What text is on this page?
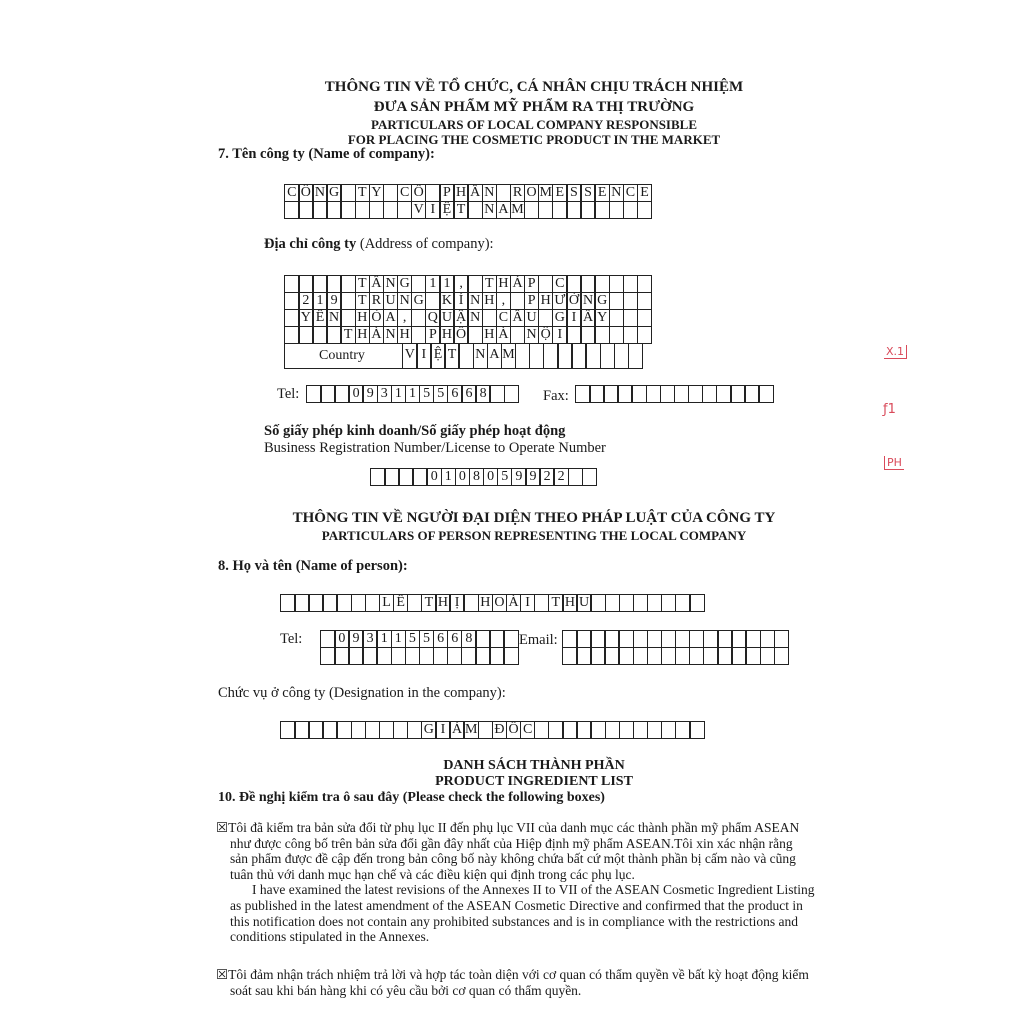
THÔNG TIN VỀ TỔ CHỨC, CÁ NHÂN CHỊU TRÁCH NHIỆM
ĐƯA SẢN PHẨM MỸ PHẨM RA THỊ TRƯỜNG
PARTICULARS OF LOCAL COMPANY RESPONSIBLE
FOR PLACING THE COSMETIC PRODUCT IN THE MARKET
7. Tên công ty (Name of company):
C Ô N G T Y C Ổ P H Ầ N R O M E S S E N C E
V I Ệ T N A M
Địa chỉ công ty (Address of company):
T Ầ N G	1 1 ,	T H Á P C
2 1 9	T R U N G K Í N H ,	P H Ư Ờ N G
Y Ê N H Ò A ,	Q U Ậ N C Ầ U G I Ấ Y
T H À N H P H Ố H À N Ộ I
Country	V I Ệ T N A M
Tel:	0 9 3 1 1 5 5 6 6 8	Fax:
Số giấy phép kinh doanh/Số giấy phép hoạt động
Business Registration Number/License to Operate Number
0 1 0 8 0 5 9 9 2 2
THÔNG TIN VỀ NGƯỜI ĐẠI DIỆN THEO PHÁP LUẬT CỦA CÔNG TY
PARTICULARS OF PERSON REPRESENTING THE LOCAL COMPANY
8. Họ và tên (Name of person):
L Ê T H Ị	H O À I	T H U
Tel:	0 9 3 1 1 5 5 6 6 8	Email:
Chức vụ ở công ty (Designation in the company):
G I Á M Đ Ố C
DANH SÁCH THÀNH PHẦN
PRODUCT INGREDIENT LIST
10. Đề nghị kiểm tra ô sau đây (Please check the following boxes)

☒Tôi đã kiểm tra bản sửa đổi từ phụ lục II đến phụ lục VII của danh mục các thành phần mỹ phẩm ASEAN

như được công bố trên bản sửa đổi gần đây nhất của Hiệp định mỹ phẩm ASEAN.Tôi xin xác nhận rằng

sản phẩm được đề cập đến trong bản công bố này không chứa bất cứ một thành phần bị cấm nào và cũng

tuân thủ với danh mục hạn chế và các điều kiện qui định trong các phụ lục.

I have examined the latest revisions of the Annexes II to VII of the ASEAN Cosmetic Ingredient Listing

as published in the latest amendment of the ASEAN Cosmetic Directive and confirmed that the product in

this notification does not contain any prohibited substances and is in compliance with the restrictions and

conditions stipulated in the Annexes.

☒Tôi đảm nhận trách nhiệm trả lời và hợp tác toàn diện với cơ quan có thẩm quyền về bất kỳ hoạt động kiểm

soát sau khi bán hàng khi có yêu cầu bởi cơ quan có thẩm quyền.

X.1
ƒ1
PH
